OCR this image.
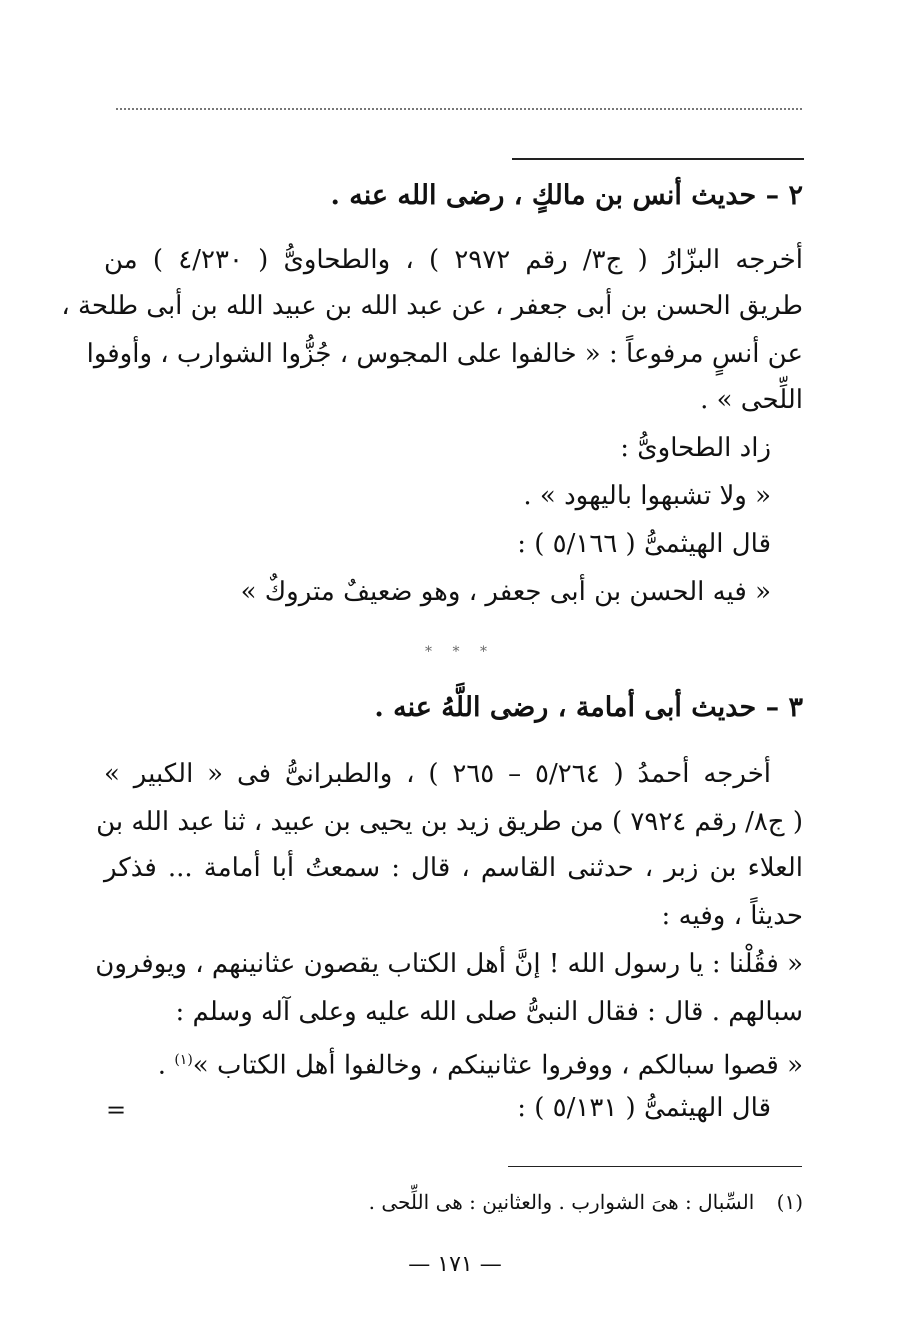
٢ – حديث أنس بن مالكٍ ، رضى الله عنه .
أخرجه البزّارُ ( ج٣/ رقم ٢٩٧٢ ) ، والطحاوىُّ ( ٤/٢٣٠ ) من
طريق الحسن بن أبى جعفر ، عن عبد الله بن عبيد الله بن أبى طلحة ،
عن أنسٍ مرفوعاً : « خالفوا على المجوس ، جُزُّوا الشوارب ، وأوفوا
اللِّحى » .
زاد الطحاوىُّ :
« ولا تشبهوا باليهود » .
قال الهيثمىُّ ( ٥/١٦٦ ) :
« فيه الحسن بن أبى جعفر ، وهو ضعيفٌ متروكٌ »
* * *
٣ – حديث أبى أمامة ، رضى اللَّهُ عنه .
أخرجه أحمدُ ( ٥/٢٦٤ – ٢٦٥ ) ، والطبرانىُّ فى « الكبير »
( ج٨/ رقم ٧٩٢٤ ) من طريق زيد بن يحيى بن عبيد ، ثنا عبد الله بن
العلاء بن زبر ، حدثنى القاسم ، قال : سمعتُ أبا أمامة ... فذكر
حديثاً ، وفيه :
« فقُلْنا : يا رسول الله ! إنَّ أهل الكتاب يقصون عثانينهم ، ويوفرون
سبالهم . قال : فقال النبىُّ صلى الله عليه وعلى آله وسلم :
« قصوا سبالكم ، ووفروا عثانينكم ، وخالفوا أهل الكتاب »$^{(١)}$ .
قال الهيثمىُّ ( ٥/١٣١ ) :
=
(١) السِّبال : هىَ الشوارب . والعثانين : هى اللِّحى .
— ١٧١ —
